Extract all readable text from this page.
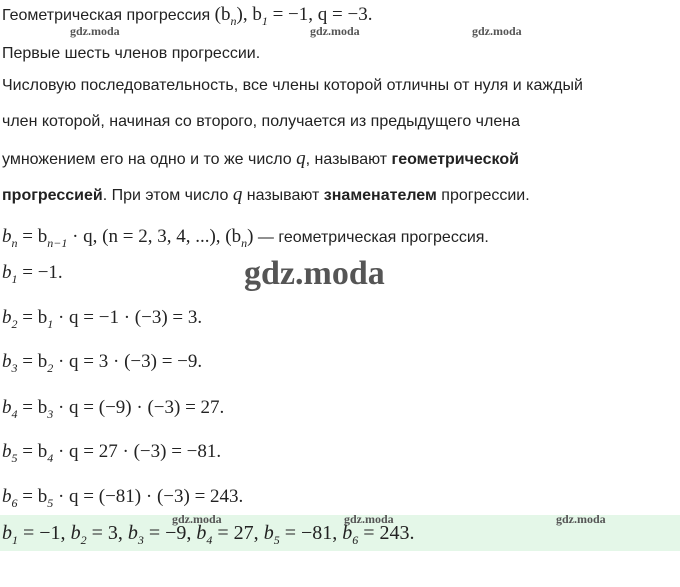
Геометрическая прогрессия $(b_n)$, $b_1 = -1$, q = −3.
gdz.moda	gdz.moda	gdz.moda
Первые шесть членов прогрессии.
Числовую последовательность, все члены которой отличны от нуля и каждый
член которой, начиная со второго, получается из предыдущего члена
умножением его на одно и то же число q, называют геометрической
прогрессией. При этом число q называют знаменателем прогрессии.
$b_n = b_{n-1} \cdot q$, (n = 2, 3, 4, ...), $(b_n)$ — геометрическая прогрессия.
gdz.moda
$b_1 = -1$.
$b_2 = b_1 \cdot q = -1 \cdot (-3) = 3$.
$b_3 = b_2 \cdot q = 3 \cdot (-3) = -9$.
$b_4 = b_3 \cdot q = (-9) \cdot (-3) = 27$.
$b_5 = b_4 \cdot q = 27 \cdot (-3) = -81$.
$b_6 = b_5 \cdot q = (-81) \cdot (-3) = 243$.
gdz.moda	gdz.moda	gdz.moda
$b_1 = -1$, $b_2 = 3$, $b_3 = -9$, $b_4 = 27$, $b_5 = -81$, $b_6 = 243$.
